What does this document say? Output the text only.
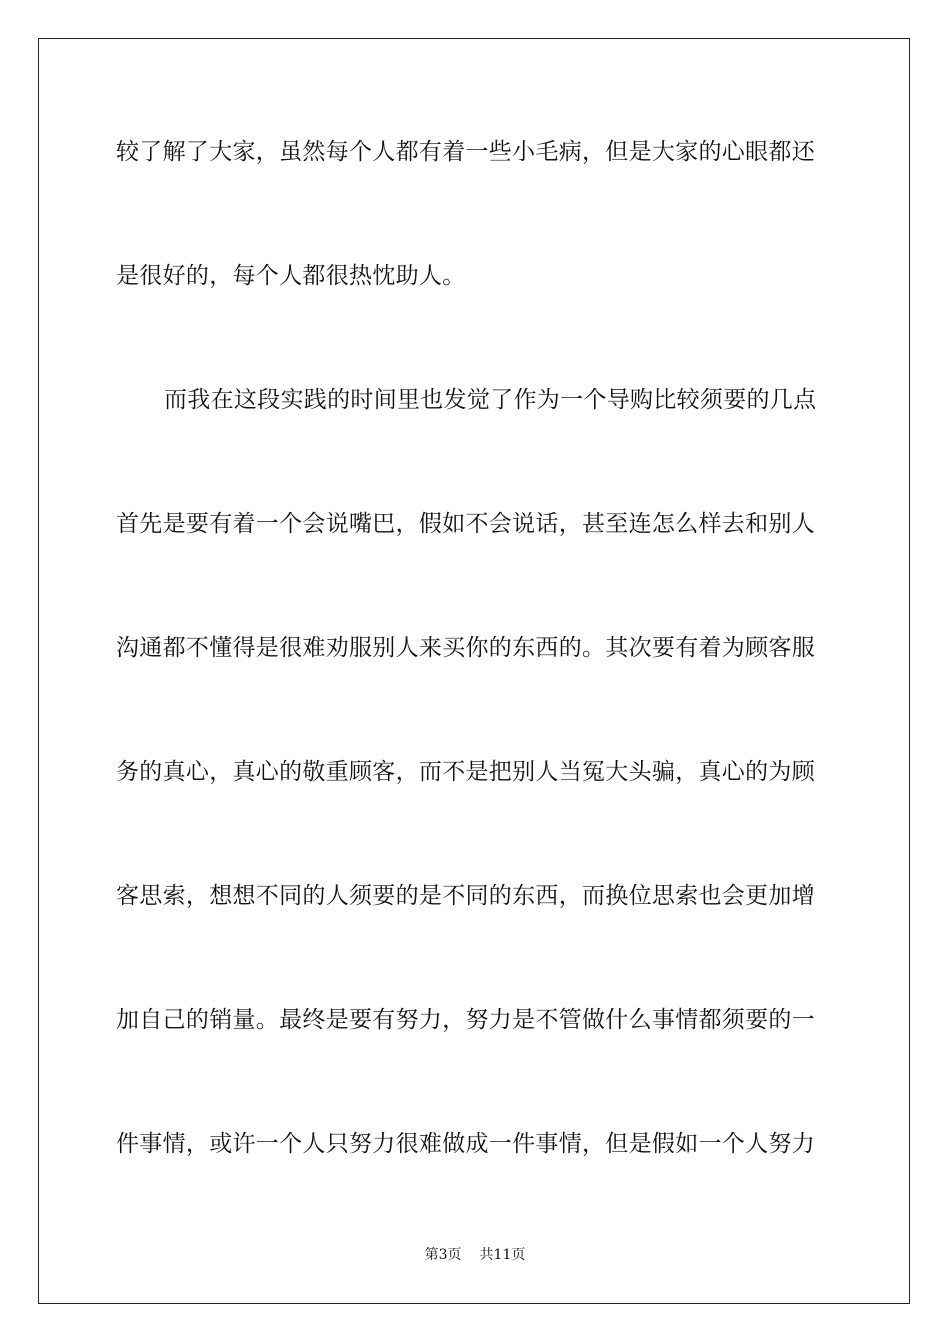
较了解了大家，虽然每个人都有着一些小毛病，但是大家的心眼都还
是很好的，每个人都很热忱助人。
而我在这段实践的时间里也发觉了作为一个导购比较须要的几点
首先是要有着一个会说嘴巴，假如不会说话，甚至连怎么样去和别人
沟通都不懂得是很难劝服别人来买你的东西的。其次要有着为顾客服
务的真心，真心的敬重顾客，而不是把别人当冤大头骗，真心的为顾
客思索，想想不同的人须要的是不同的东西，而换位思索也会更加增
加自己的销量。最终是要有努力，努力是不管做什么事情都须要的一
件事情，或许一个人只努力很难做成一件事情，但是假如一个人努力
第3页 共11页
